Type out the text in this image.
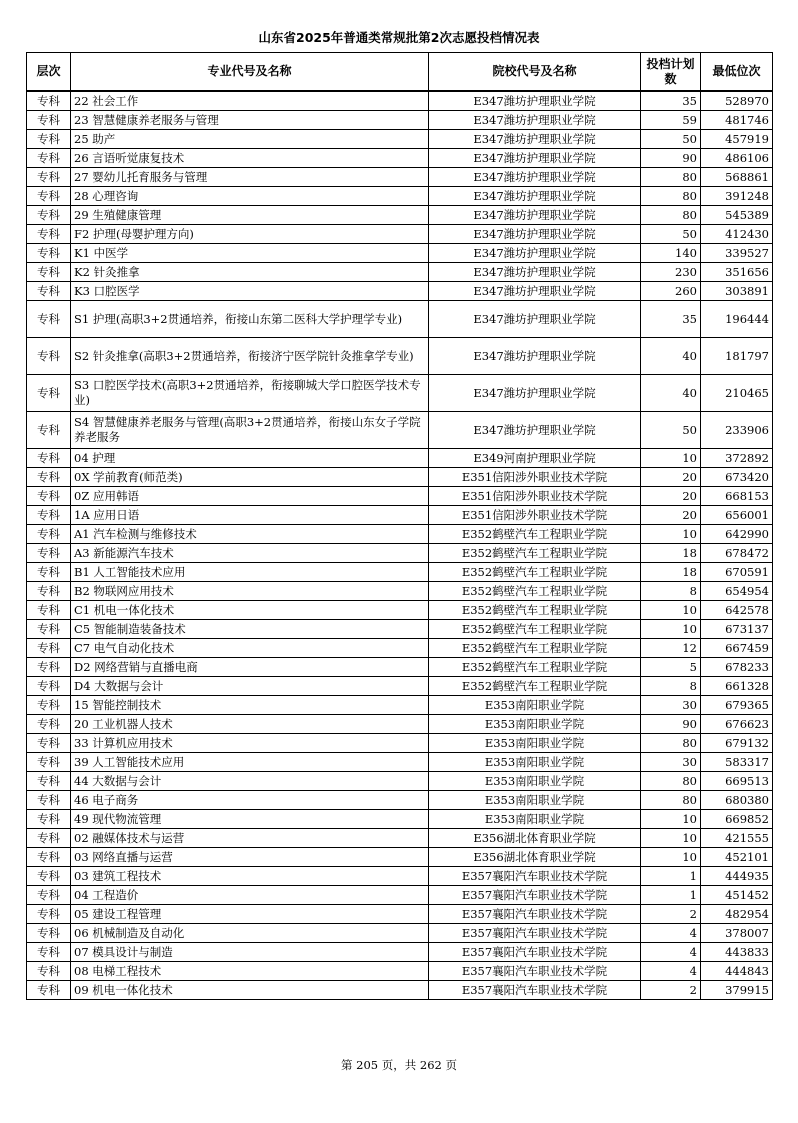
山东省2025年普通类常规批第2次志愿投档情况表
层次	专业代号及名称	院校代号及名称	投档计划数	最低位次
专科	22 社会工作	E347潍坊护理职业学院	35	528970
专科	23 智慧健康养老服务与管理	E347潍坊护理职业学院	59	481746
专科	25 助产	E347潍坊护理职业学院	50	457919
专科	26 言语听觉康复技术	E347潍坊护理职业学院	90	486106
专科	27 婴幼儿托育服务与管理	E347潍坊护理职业学院	80	568861
专科	28 心理咨询	E347潍坊护理职业学院	80	391248
专科	29 生殖健康管理	E347潍坊护理职业学院	80	545389
专科	F2 护理(母婴护理方向)	E347潍坊护理职业学院	50	412430
专科	K1 中医学	E347潍坊护理职业学院	140	339527
专科	K2 针灸推拿	E347潍坊护理职业学院	230	351656
专科	K3 口腔医学	E347潍坊护理职业学院	260	303891
专科	S1 护理(高职3+2贯通培养，衔接山东第二医科大学护理学专业)	E347潍坊护理职业学院	35	196444
专科	S2 针灸推拿(高职3+2贯通培养，衔接济宁医学院针灸推拿学专业)	E347潍坊护理职业学院	40	181797
专科	S3 口腔医学技术(高职3+2贯通培养，衔接聊城大学口腔医学技术专业)	E347潍坊护理职业学院	40	210465
专科	S4 智慧健康养老服务与管理(高职3+2贯通培养，衔接山东女子学院养老服务	E347潍坊护理职业学院	50	233906
专科	04 护理	E349河南护理职业学院	10	372892
专科	0X 学前教育(师范类)	E351信阳涉外职业技术学院	20	673420
专科	0Z 应用韩语	E351信阳涉外职业技术学院	20	668153
专科	1A 应用日语	E351信阳涉外职业技术学院	20	656001
专科	A1 汽车检测与维修技术	E352鹤壁汽车工程职业学院	10	642990
专科	A3 新能源汽车技术	E352鹤壁汽车工程职业学院	18	678472
专科	B1 人工智能技术应用	E352鹤壁汽车工程职业学院	18	670591
专科	B2 物联网应用技术	E352鹤壁汽车工程职业学院	8	654954
专科	C1 机电一体化技术	E352鹤壁汽车工程职业学院	10	642578
专科	C5 智能制造装备技术	E352鹤壁汽车工程职业学院	10	673137
专科	C7 电气自动化技术	E352鹤壁汽车工程职业学院	12	667459
专科	D2 网络营销与直播电商	E352鹤壁汽车工程职业学院	5	678233
专科	D4 大数据与会计	E352鹤壁汽车工程职业学院	8	661328
专科	15 智能控制技术	E353南阳职业学院	30	679365
专科	20 工业机器人技术	E353南阳职业学院	90	676623
专科	33 计算机应用技术	E353南阳职业学院	80	679132
专科	39 人工智能技术应用	E353南阳职业学院	30	583317
专科	44 大数据与会计	E353南阳职业学院	80	669513
专科	46 电子商务	E353南阳职业学院	80	680380
专科	49 现代物流管理	E353南阳职业学院	10	669852
专科	02 融媒体技术与运营	E356湖北体育职业学院	10	421555
专科	03 网络直播与运营	E356湖北体育职业学院	10	452101
专科	03 建筑工程技术	E357襄阳汽车职业技术学院	1	444935
专科	04 工程造价	E357襄阳汽车职业技术学院	1	451452
专科	05 建设工程管理	E357襄阳汽车职业技术学院	2	482954
专科	06 机械制造及自动化	E357襄阳汽车职业技术学院	4	378007
专科	07 模具设计与制造	E357襄阳汽车职业技术学院	4	443833
专科	08 电梯工程技术	E357襄阳汽车职业技术学院	4	444843
专科	09 机电一体化技术	E357襄阳汽车职业技术学院	2	379915
第 205 页，共 262 页
